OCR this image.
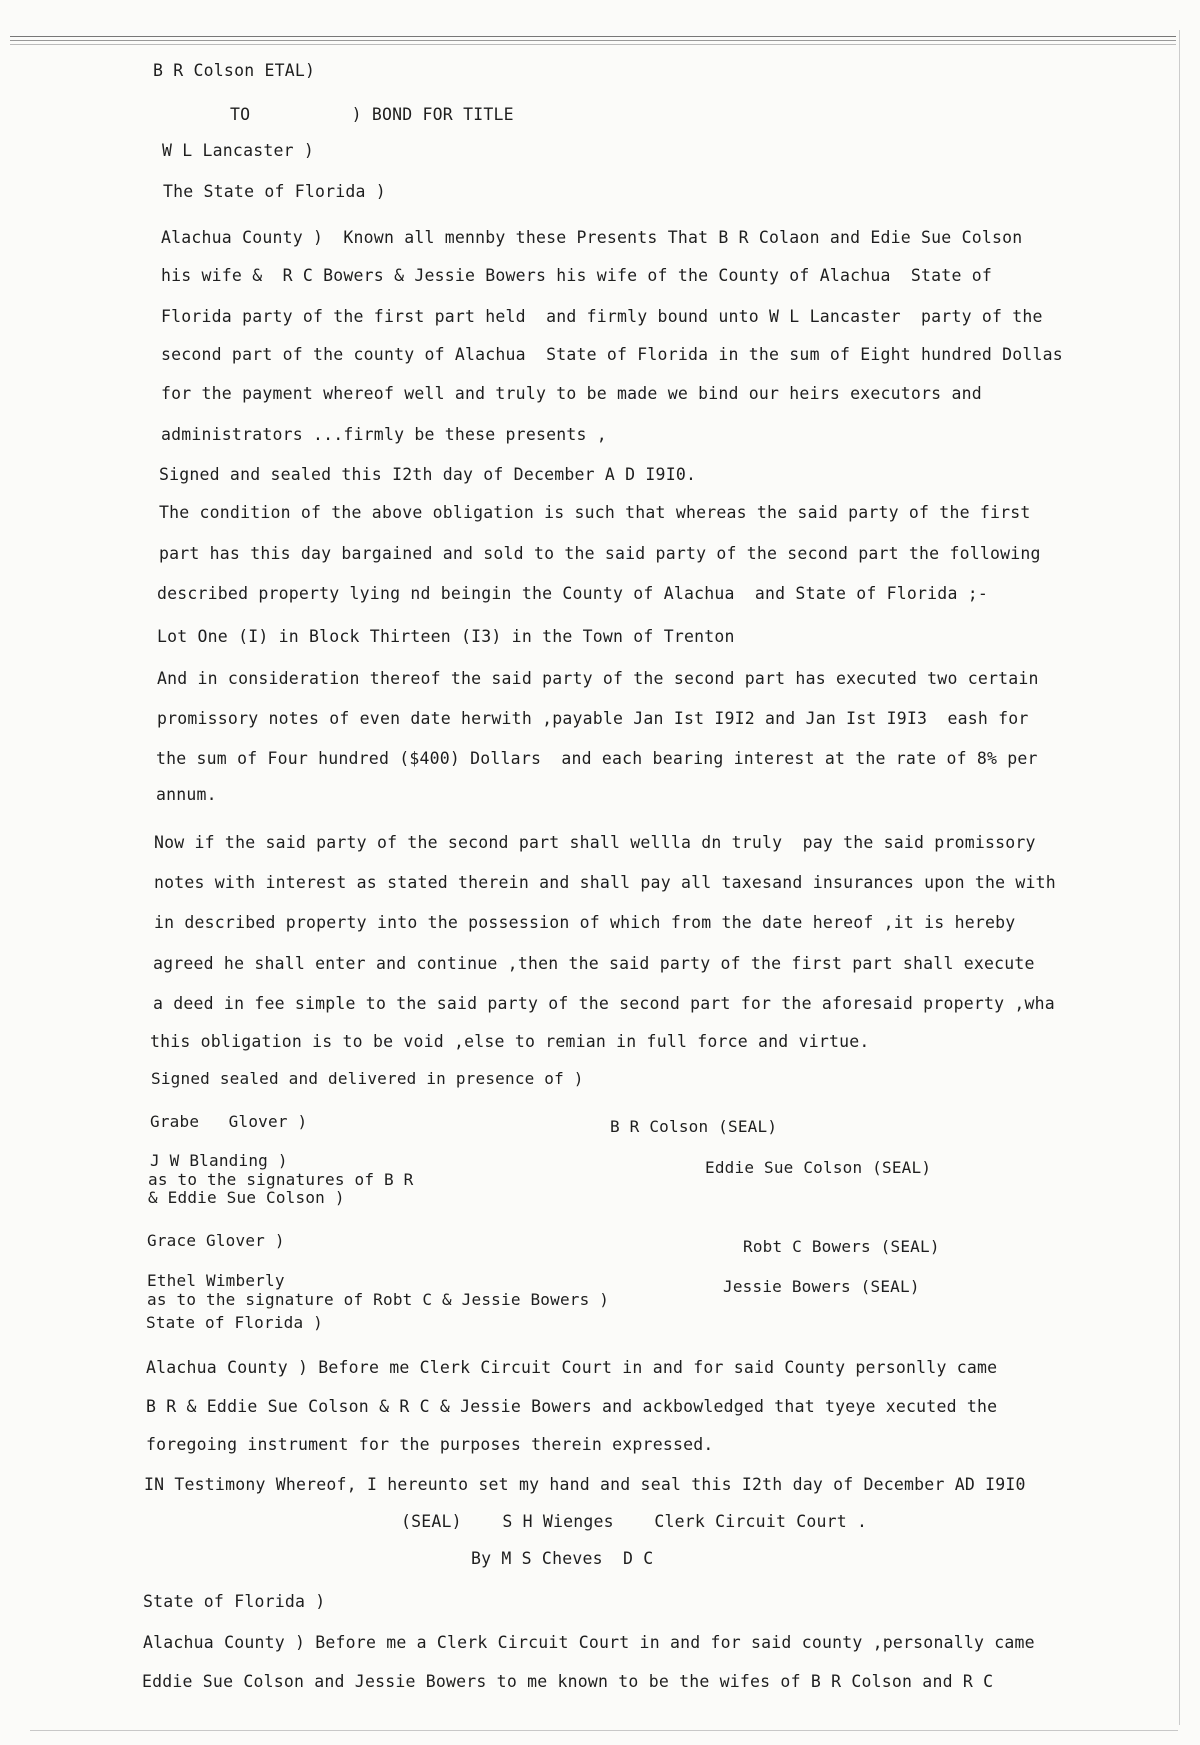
B R Colson ETAL)
TO          ) BOND FOR TITLE
W L Lancaster )
The State of Florida )
Alachua County )  Known all mennby these Presents That B R Colaon and Edie Sue Colson
his wife &  R C Bowers & Jessie Bowers his wife of the County of Alachua  State of
Florida party of the first part held  and firmly bound unto W L Lancaster  party of the
second part of the county of Alachua  State of Florida in the sum of Eight hundred Dollas
for the payment whereof well and truly to be made we bind our heirs executors and
administrators ...firmly be these presents ,
Signed and sealed this I2th day of December A D I9I0.
The condition of the above obligation is such that whereas the said party of the first
part has this day bargained and sold to the said party of the second part the following
described property lying nd beingin the County of Alachua  and State of Florida ;-
Lot One (I) in Block Thirteen (I3) in the Town of Trenton
And in consideration thereof the said party of the second part has executed two certain
promissory notes of even date herwith ,payable Jan Ist I9I2 and Jan Ist I9I3  eash for
the sum of Four hundred ($400) Dollars  and each bearing interest at the rate of 8% per
annum.
Now if the said party of the second part shall wellla dn truly  pay the said promissory
notes with interest as stated therein and shall pay all taxesand insurances upon the with
in described property into the possession of which from the date hereof ,it is hereby
agreed he shall enter and continue ,then the said party of the first part shall execute
a deed in fee simple to the said party of the second part for the aforesaid property ,wha
this obligation is to be void ,else to remian in full force and virtue.
Signed sealed and delivered in presence of )
Grabe   Glover )	B R Colson (SEAL)
J W Blanding )	Eddie Sue Colson (SEAL)
as to the signatures of B R
& Eddie Sue Colson )
Grace Glover )	Robt C Bowers (SEAL)
Ethel Wimberly	Jessie Bowers (SEAL)
as to the signature of Robt C & Jessie Bowers )
State of Florida )
Alachua County ) Before me Clerk Circuit Court in and for said County personlly came
B R & Eddie Sue Colson & R C & Jessie Bowers and ackbowledged that tyeye xecuted the
foregoing instrument for the purposes therein expressed.
IN Testimony Whereof, I hereunto set my hand and seal this I2th day of December AD I9I0
(SEAL)    S H Wienges    Clerk Circuit Court .
By M S Cheves  D C
State of Florida )
Alachua County ) Before me a Clerk Circuit Court in and for said county ,personally came
Eddie Sue Colson and Jessie Bowers to me known to be the wifes of B R Colson and R C
